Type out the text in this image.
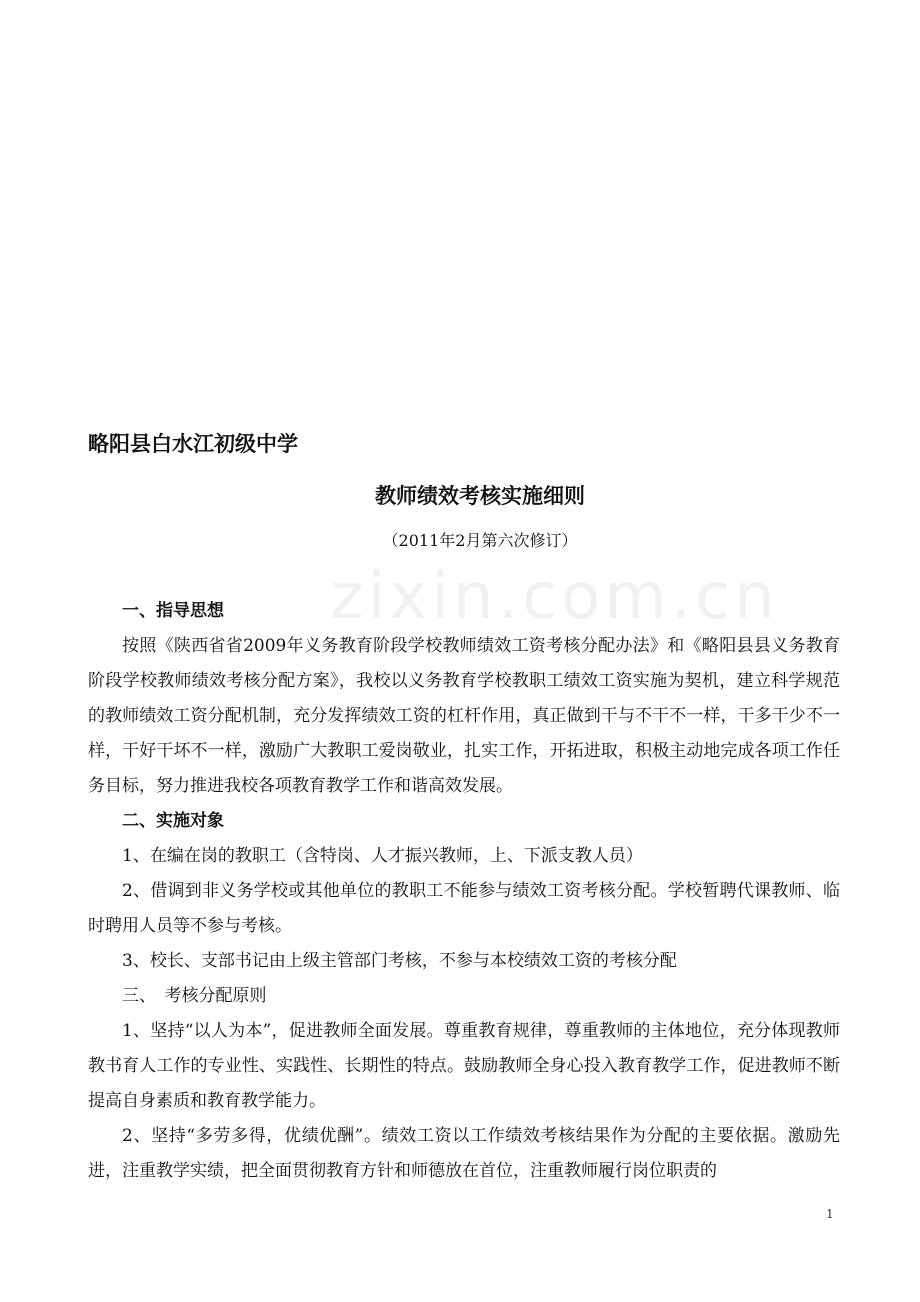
zixin.com.cn
略阳县白水江初级中学
教师绩效考核实施细则

（2011年2月第六次修订）

一、指导思想

按照《陕西省省2009年义务教育阶段学校教师绩效工资考核分配办法》和《略阳县县义务教育阶段学校教师绩效考核分配方案》，我校以义务教育学校教职工绩效工资实施为契机，建立科学规范的教师绩效工资分配机制，充分发挥绩效工资的杠杆作用，真正做到干与不干不一样，干多干少不一样，干好干坏不一样，激励广大教职工爱岗敬业，扎实工作，开拓进取，积极主动地完成各项工作任务目标，努力推进我校各项教育教学工作和谐高效发展。

二、实施对象

1、在编在岗的教职工（含特岗、人才振兴教师，上、下派支教人员）

2、借调到非义务学校或其他单位的教职工不能参与绩效工资考核分配。学校暂聘代课教师、临时聘用人员等不参与考核。

3、校长、支部书记由上级主管部门考核，不参与本校绩效工资的考核分配

三、　考核分配原则

1、坚持“以人为本”，促进教师全面发展。尊重教育规律，尊重教师的主体地位，充分体现教师教书育人工作的专业性、实践性、长期性的特点。鼓励教师全身心投入教育教学工作，促进教师不断提高自身素质和教育教学能力。

2、坚持“多劳多得，优绩优酬”。绩效工资以工作绩效考核结果作为分配的主要依据。激励先进，注重教学实绩，把全面贯彻教育方针和师德放在首位，注重教师履行岗位职责的

1
